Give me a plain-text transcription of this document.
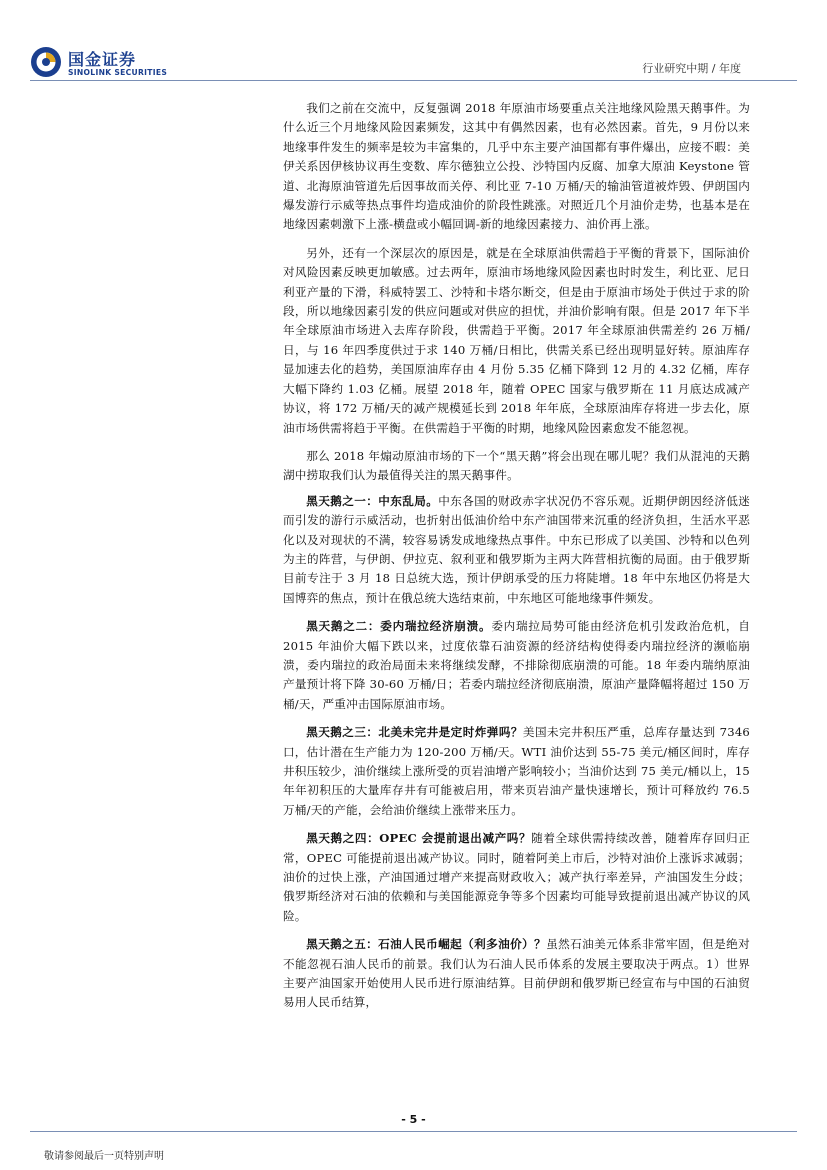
国金证券
SINOLINK SECURITIES	行业研究中期 / 年度

我们之前在交流中，反复强调 2018 年原油市场要重点关注地缘风险黑天鹅事件。为什么近三个月地缘风险因素频发，这其中有偶然因素，也有必然因素。首先，9 月份以来地缘事件发生的频率是较为丰富集的，几乎中东主要产油国都有事件爆出，应接不暇：美伊关系因伊核协议再生变数、库尔德独立公投、沙特国内反腐、加拿大原油 Keystone 管道、北海原油管道先后因事故而关停、利比亚 7-10 万桶/天的输油管道被炸毁、伊朗国内爆发游行示威等热点事件均造成油价的阶段性跳涨。对照近几个月油价走势，也基本是在地缘因素刺激下上涨-横盘或小幅回调-新的地缘因素接力、油价再上涨。

另外，还有一个深层次的原因是，就是在全球原油供需趋于平衡的背景下，国际油价对风险因素反映更加敏感。过去两年，原油市场地缘风险因素也时时发生，利比亚、尼日利亚产量的下滑，科威特罢工、沙特和卡塔尔断交，但是由于原油市场处于供过于求的阶段，所以地缘因素引发的供应问题或对供应的担忧，并油价影响有限。但是 2017 年下半年全球原油市场进入去库存阶段，供需趋于平衡。2017 年全球原油供需差约 26 万桶/日，与 16 年四季度供过于求 140 万桶/日相比，供需关系已经出现明显好转。原油库存显加速去化的趋势，美国原油库存由 4 月份 5.35 亿桶下降到 12 月的 4.32 亿桶，库存大幅下降约 1.03 亿桶。展望 2018 年，随着 OPEC 国家与俄罗斯在 11 月底达成减产协议，将 172 万桶/天的减产规模延长到 2018 年年底，全球原油库存将进一步去化，原油市场供需将趋于平衡。在供需趋于平衡的时期，地缘风险因素愈发不能忽视。

那么 2018 年煽动原油市场的下一个“黑天鹅”将会出现在哪儿呢？我们从混沌的天鹅湖中捞取我们认为最值得关注的黑天鹅事件。

黑天鹅之一：中东乱局。中东各国的财政赤字状况仍不容乐观。近期伊朗因经济低迷而引发的游行示威活动，也折射出低油价给中东产油国带来沉重的经济负担，生活水平恶化以及对现状的不满，较容易诱发成地缘热点事件。中东已形成了以美国、沙特和以色列为主的阵营，与伊朗、伊拉克、叙利亚和俄罗斯为主两大阵营相抗衡的局面。由于俄罗斯目前专注于 3 月 18 日总统大选，预计伊朗承受的压力将陡增。18 年中东地区仍将是大国博弈的焦点，预计在俄总统大选结束前，中东地区可能地缘事件频发。

黑天鹅之二：委内瑞拉经济崩溃。委内瑞拉局势可能由经济危机引发政治危机，自 2015 年油价大幅下跌以来，过度依靠石油资源的经济结构使得委内瑞拉经济的濒临崩溃，委内瑞拉的政治局面未来将继续发酵，不排除彻底崩溃的可能。18 年委内瑞纳原油产量预计将下降 30-60 万桶/日；若委内瑞拉经济彻底崩溃，原油产量降幅将超过 150 万桶/天，严重冲击国际原油市场。

黑天鹅之三：北美未完井是定时炸弹吗？美国未完井积压严重，总库存量达到 7346 口，估计潜在生产能力为 120-200 万桶/天。WTI 油价达到 55-75 美元/桶区间时，库存井积压较少，油价继续上涨所受的页岩油增产影响较小；当油价达到 75 美元/桶以上，15 年年初积压的大量库存井有可能被启用，带来页岩油产量快速增长，预计可释放约 76.5 万桶/天的产能，会给油价继续上涨带来压力。

黑天鹅之四：OPEC 会提前退出减产吗？随着全球供需持续改善，随着库存回归正常，OPEC 可能提前退出减产协议。同时，随着阿美上市后，沙特对油价上涨诉求减弱；油价的过快上涨，产油国通过增产来提高财政收入；减产执行率差异，产油国发生分歧；俄罗斯经济对石油的依赖和与美国能源竞争等多个因素均可能导致提前退出减产协议的风险。

黑天鹅之五：石油人民币崛起（利多油价）？虽然石油美元体系非常牢固，但是绝对不能忽视石油人民币的前景。我们认为石油人民币体系的发展主要取决于两点。1）世界主要产油国家开始使用人民币进行原油结算。目前伊朗和俄罗斯已经宣布与中国的石油贸易用人民币结算，

- 5 -
敬请参阅最后一页特别声明
